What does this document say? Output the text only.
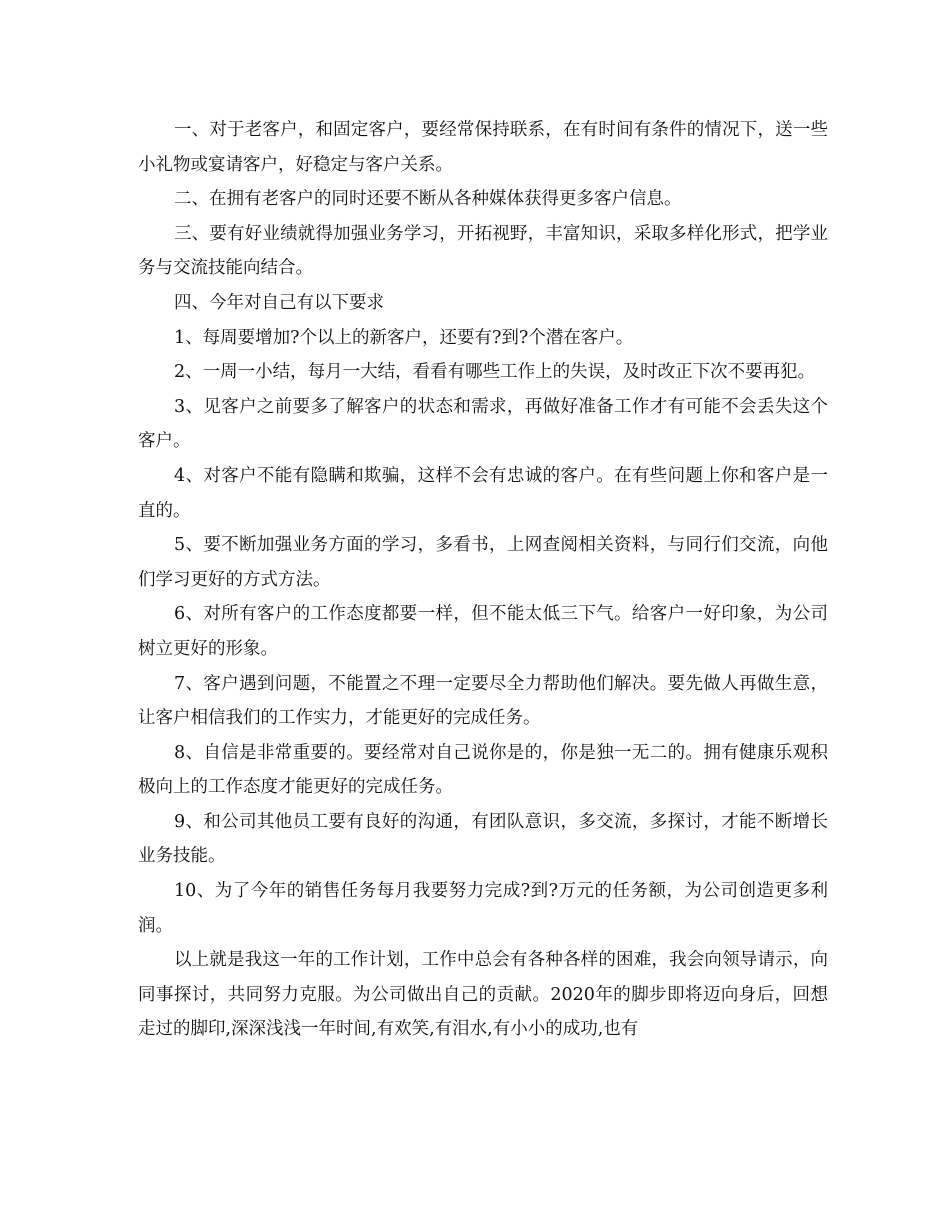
一、对于老客户，和固定客户，要经常保持联系，在有时间有条件的情况下，送一些小礼物或宴请客户，好稳定与客户关系。

二、在拥有老客户的同时还要不断从各种媒体获得更多客户信息。

三、要有好业绩就得加强业务学习，开拓视野，丰富知识，采取多样化形式，把学业务与交流技能向结合。

四、今年对自己有以下要求

1、每周要增加?个以上的新客户，还要有?到?个潜在客户。

2、一周一小结，每月一大结，看看有哪些工作上的失误，及时改正下次不要再犯。

3、见客户之前要多了解客户的状态和需求，再做好准备工作才有可能不会丢失这个客户。

4、对客户不能有隐瞒和欺骗，这样不会有忠诚的客户。在有些问题上你和客户是一直的。

5、要不断加强业务方面的学习，多看书，上网查阅相关资料，与同行们交流，向他们学习更好的方式方法。

6、对所有客户的工作态度都要一样，但不能太低三下气。给客户一好印象，为公司树立更好的形象。

7、客户遇到问题，不能置之不理一定要尽全力帮助他们解决。要先做人再做生意，让客户相信我们的工作实力，才能更好的完成任务。

8、自信是非常重要的。要经常对自己说你是的，你是独一无二的。拥有健康乐观积极向上的工作态度才能更好的完成任务。

9、和公司其他员工要有良好的沟通，有团队意识，多交流，多探讨，才能不断增长业务技能。

10、为了今年的销售任务每月我要努力完成?到?万元的任务额，为公司创造更多利润。

以上就是我这一年的工作计划，工作中总会有各种各样的困难，我会向领导请示，向同事探讨，共同努力克服。为公司做出自己的贡献。2020年的脚步即将迈向身后，回想走过的脚印,深深浅浅一年时间,有欢笑,有泪水,有小小的成功,也有
